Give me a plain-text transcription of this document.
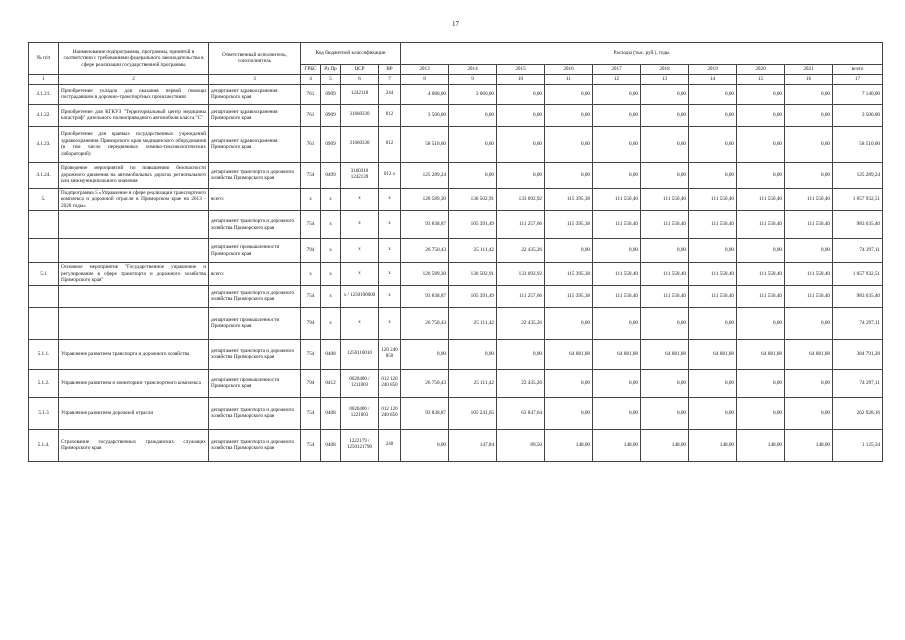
17
№ п/п	Наименование подпрограммы, программы, принятой в соответствии с требованиями федерального законодательства в сфере реализации государственной программы	Ответственный исполнитель, соисполнитель	Код бюджетной классификации				Расходы (тыс. руб.), годы									
			ГРБС	Рз Пр	ЦСР	ВР	2013	2014	2015	2016	2017	2018	2019	2020	2021	всего
1	2	3	4	5	6	7	8	9	10	11	12	13	14	15	16	17
4.1.21.	Приобретение укладок для оказания первой помощи пострадавшим в дорожно-транспортных происшествиях	департамент здравоохранения Приморского края	761	0909	1242118	244	4 080,00	3 060,00	0,00	0,00	0,00	0,00	0,00	0,00	0,00	7 140,00
4.1.22.	Приобретение для КГКУЗ "Территориальный центр медицины катастроф" дизельного полноприводного автомобиля класса "С"	департамент здравоохранения Приморского края	761	0909	31660330	012	3 500,00	0,00	0,00	0,00	0,00	0,00	0,00	0,00	0,00	3 500,00
4.1.23.	Приобретение для краевых государственных учреждений здравоохранения Приморского края медицинского оборудования (в том числе передвижных химико-токсикологических лабораторий)	департамент здравоохранения Приморского края	761	0909	31660330	012	58 510,00	0,00	0,00	0,00	0,00	0,00	0,00	0,00	0,00	58 510,00
4.1.24.	Проведение мероприятий по повышению безопасности дорожного движения на автомобильных дорогах регионального или межмуниципального значения	департамент транспорта и дорожного хозяйства Приморского края	754	0409	3160310 1242139	012 x	125 289,24	0,00	0,00	0,00	0,00	0,00	0,00	0,00	0,00	125 289,24
5.	Подпрограмма 5 «Управление в сфере реализации транспортного комплекса и дорожной отрасли в Приморском крае на 2013 - 2020 годы»	всего:	x	x	x	x	120 589,30	130 502,91	133 692,92	115 395,38	111 550,40	111 550,40	111 550,40	111 550,40	111 550,40	1 057 932,51
		департамент транспорта и дорожного хозяйства Приморского края	754	x	x	x	93 838,87	105 391,49	111 257,66	115 395,38	111 550,40	111 550,40	111 550,40	111 550,40	111 550,40	983 635,40
		департамент промышленности Приморского края	794	x	x	x	26 750,43	25 111,42	22 435,26	0,00	0,00	0,00	0,00	0,00	0,00	74 297,11
5.1	Основное мероприятие "Государственное управление и регулирование в сфере транспорта и дорожного хозяйства Приморского края"	всего:	x	x	x	x	120 589,30	130 502,91	133 692,92	115 395,38	111 550,40	111 550,40	111 550,40	111 550,40	111 550,40	1 057 932,51
		департамент транспорта и дорожного хозяйства Приморского края	754	x	x / 1250100000	x	93 838,87	105 391,49	111 257,66	115 395,38	111 550,40	111 550,40	111 550,40	111 550,40	111 550,40	983 635,40
		департамент промышленности Приморского края	794	x	x	x	26 750,43	25 111,42	22 435,26	0,00	0,00	0,00	0,00	0,00	0,00	74 297,11
5.1.1.	Управление развитием транспорта и дорожного хозяйства	департамент транспорта и дорожного хозяйства Приморского края	754	0408	1250110010	120 240 850	0,00	0,00	0,00	64 081,88	64 081,88	64 081,88	64 081,88	64 081,88	64 081,88	384 791,28
5.1.2.	Управление развитием и мониторинг транспортного комплекса	департамент промышленности Приморского края	794	0412	0020400 / 1211003	012 120 240 850	26 750,43	25 111,42	22 435,26	0,00	0,00	0,00	0,00	0,00	0,00	74 297,11
5.1.3	Управление развитием дорожной отрасли	департамент транспорта и дорожного хозяйства Приморского края	754	0408	0020400 / 1221003	012 120 240 850	93 838,87	105 241,65	63 847,64	0,00	0,00	0,00	0,00	0,00	0,00	262 928,16
5.1.4.	Страхование государственных гражданских служащих Приморского края	департамент транспорта и дорожного хозяйства Приморского края	754	0408	1222179 / 1250121790	240	0,00	147,84	89,50	148,00	148,00	148,00	148,00	148,00	148,00	1 125,34
